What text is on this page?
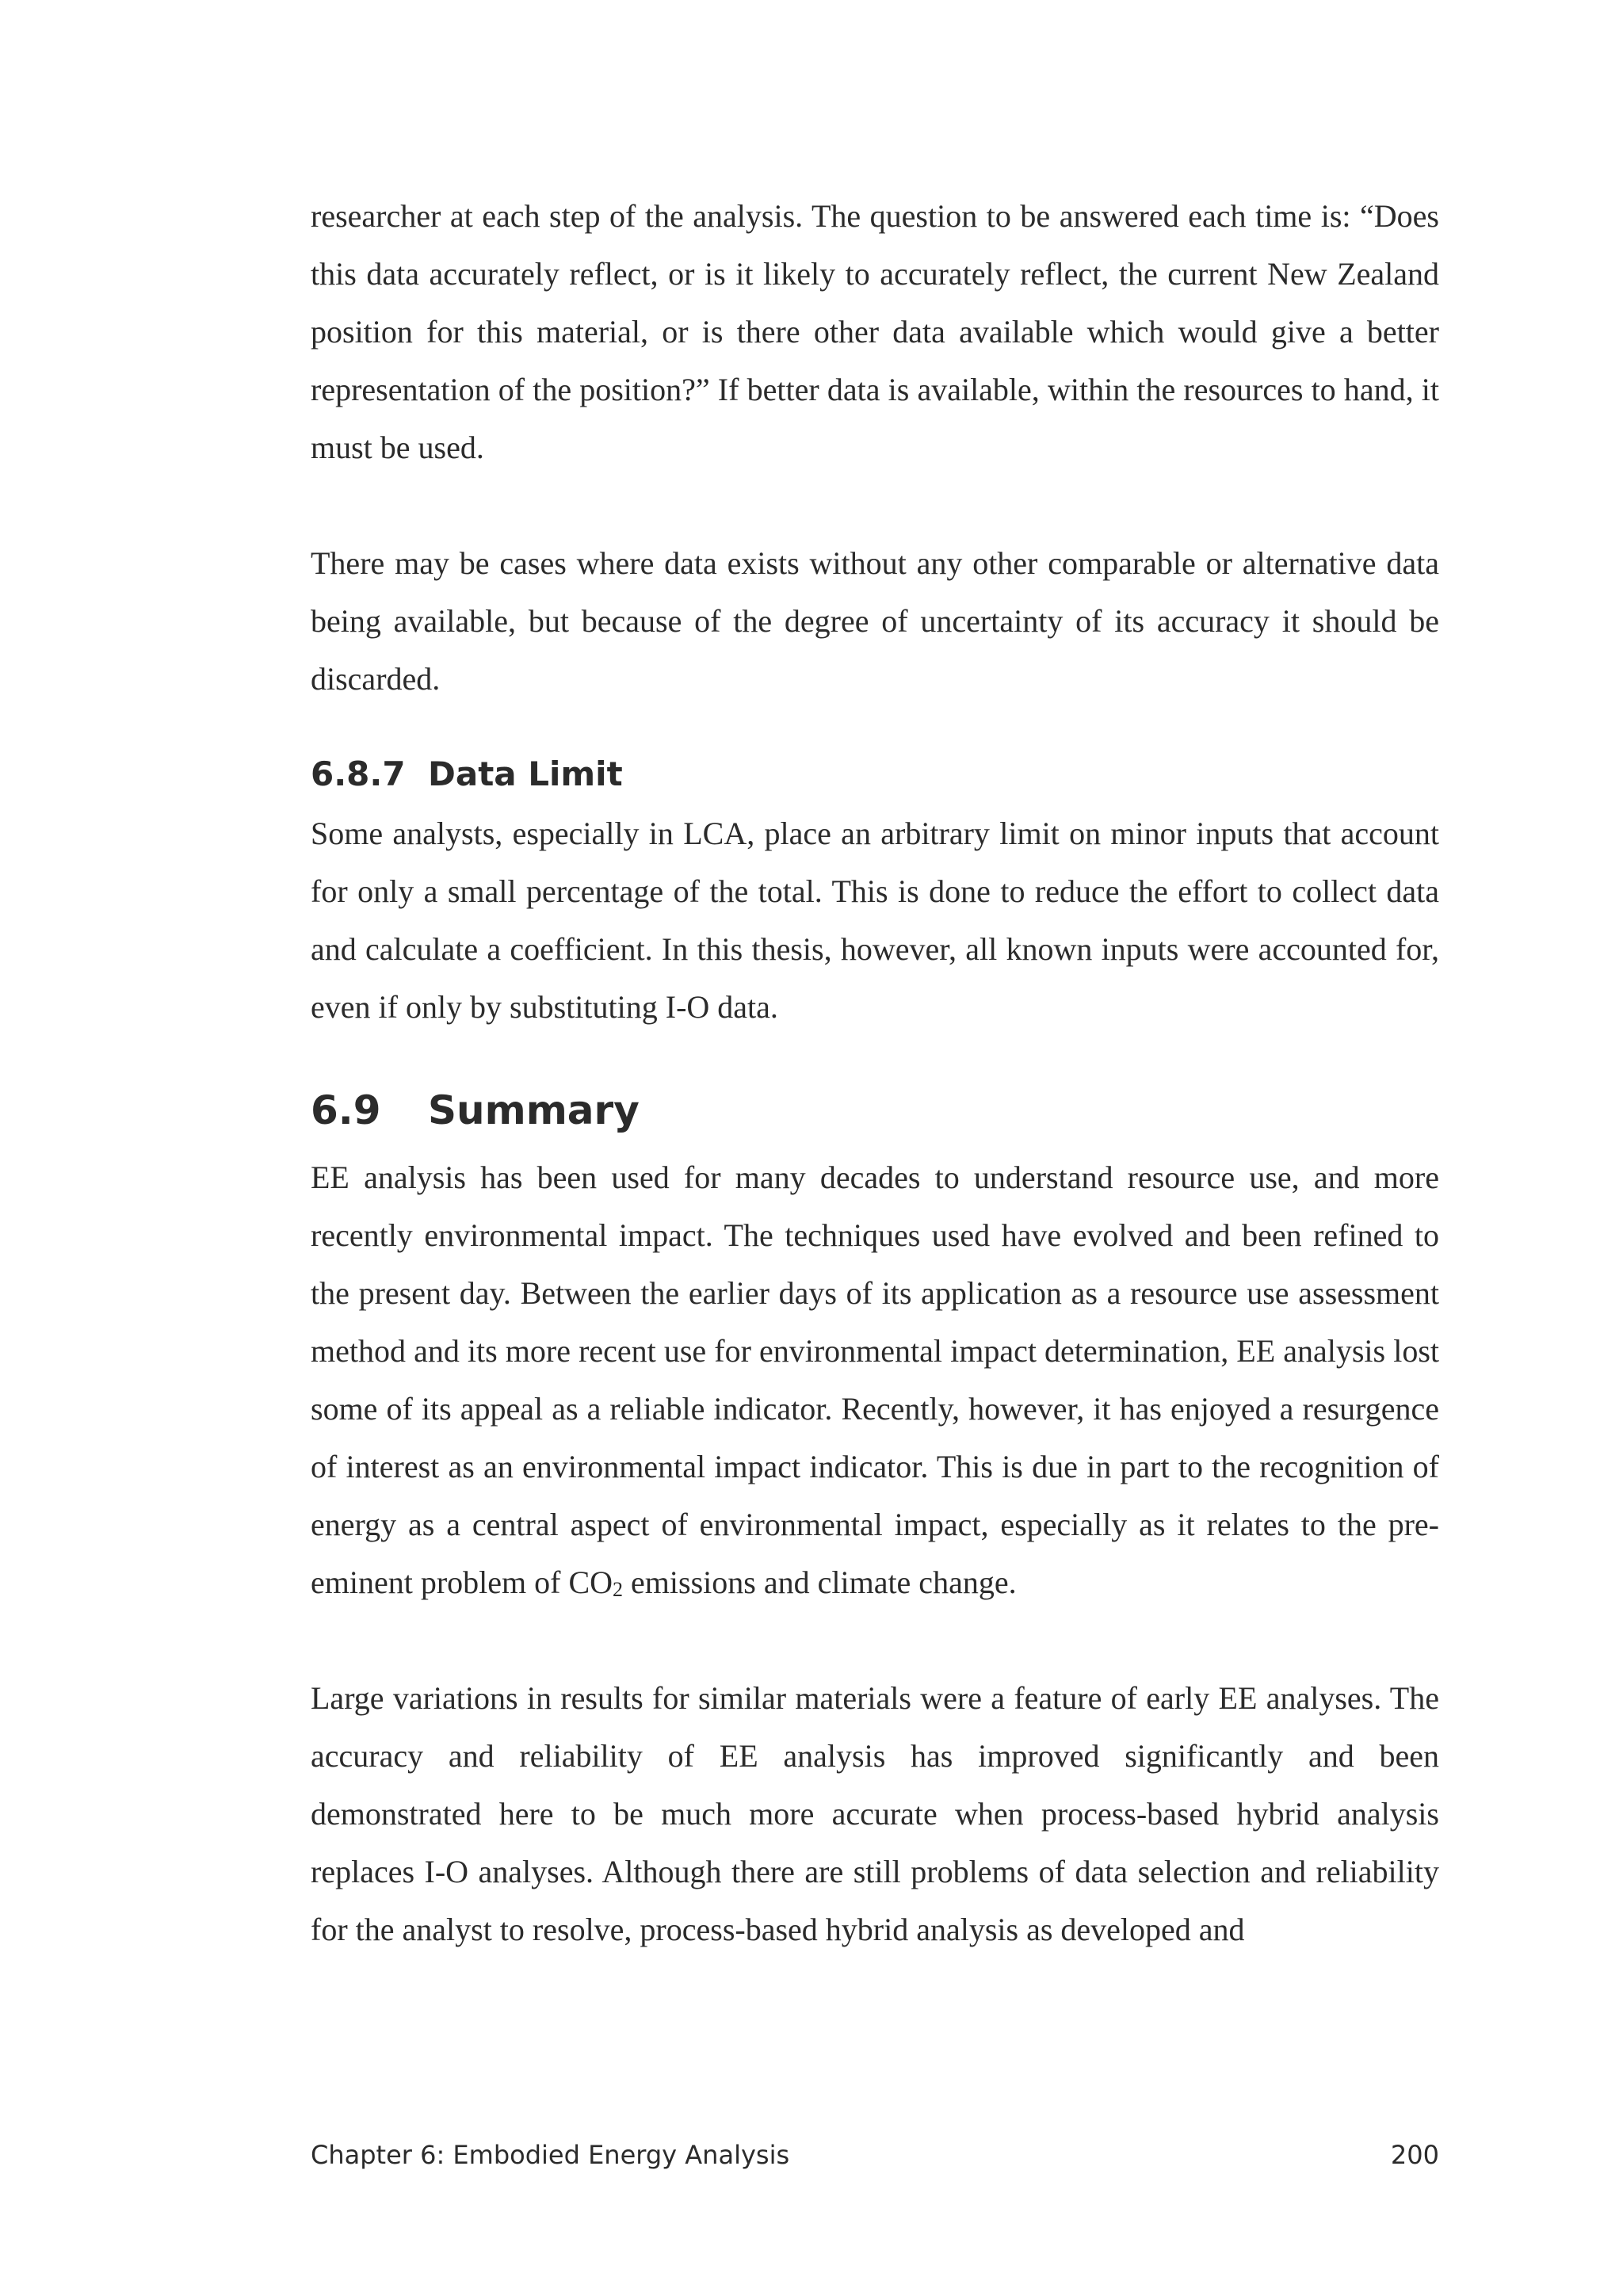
researcher at each step of the analysis. The question to be answered each time is: “Does this data accurately reflect, or is it likely to accurately reflect, the current New Zealand position for this material, or is there other data available which would give a better representation of the position?” If better data is available, within the resources to hand, it must be used.

There may be cases where data exists without any other comparable or alternative data being available, but because of the degree of uncertainty of its accuracy it should be discarded.

6.8.7 Data Limit

Some analysts, especially in LCA, place an arbitrary limit on minor inputs that account for only a small percentage of the total. This is done to reduce the effort to collect data and calculate a coefficient. In this thesis, however, all known inputs were accounted for, even if only by substituting I-O data.

6.9 Summary

EE analysis has been used for many decades to understand resource use, and more recently environmental impact. The techniques used have evolved and been refined to the present day. Between the earlier days of its application as a resource use assessment method and its more recent use for environmental impact determination, EE analysis lost some of its appeal as a reliable indicator. Recently, however, it has enjoyed a resurgence of interest as an environmental impact indicator. This is due in part to the recognition of energy as a central aspect of environmental impact, especially as it relates to the pre-eminent problem of $CO_2$ emissions and climate change.

Large variations in results for similar materials were a feature of early EE analyses. The accuracy and reliability of EE analysis has improved significantly and been demonstrated here to be much more accurate when process-based hybrid analysis replaces I-O analyses. Although there are still problems of data selection and reliability for the analyst to resolve, process-based hybrid analysis as developed and

Chapter 6: Embodied Energy Analysis	200
